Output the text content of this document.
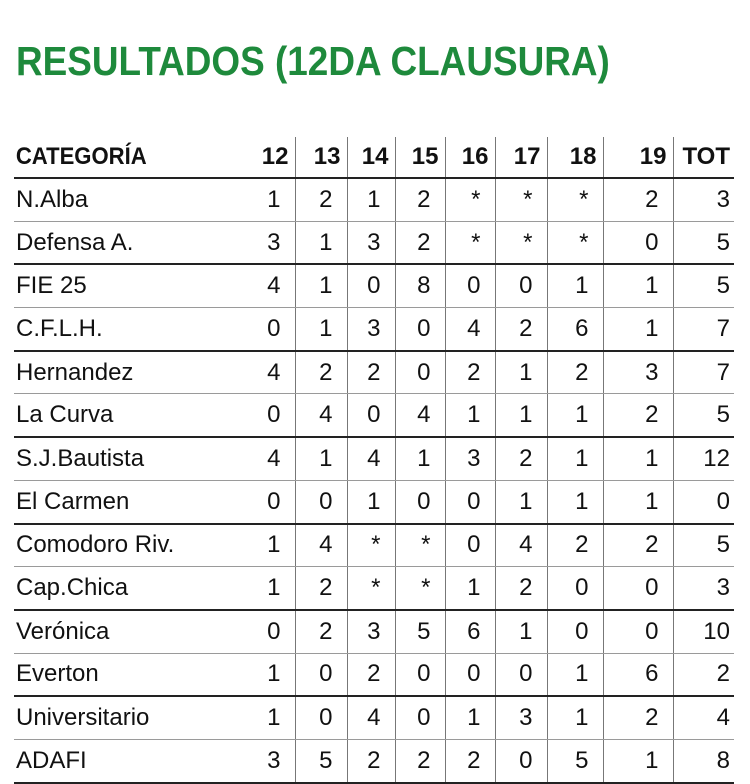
RESULTADOS (12DA CLAUSURA)
CATEGORÍA	12	13	14	15	16	17	18	19	TOT
N.Alba	1	2	1	2	*	*	*	2	3
Defensa A.	3	1	3	2	*	*	*	0	5
FIE 25	4	1	0	8	0	0	1	1	5
C.F.L.H.	0	1	3	0	4	2	6	1	7
Hernandez	4	2	2	0	2	1	2	3	7
La Curva	0	4	0	4	1	1	1	2	5
S.J.Bautista	4	1	4	1	3	2	1	1	12
El Carmen	0	0	1	0	0	1	1	1	0
Comodoro Riv.	1	4	*	*	0	4	2	2	5
Cap.Chica	1	2	*	*	1	2	0	0	3
Verónica	0	2	3	5	6	1	0	0	10
Everton	1	0	2	0	0	0	1	6	2
Universitario	1	0	4	0	1	3	1	2	4
ADAFI	3	5	2	2	2	0	5	1	8
